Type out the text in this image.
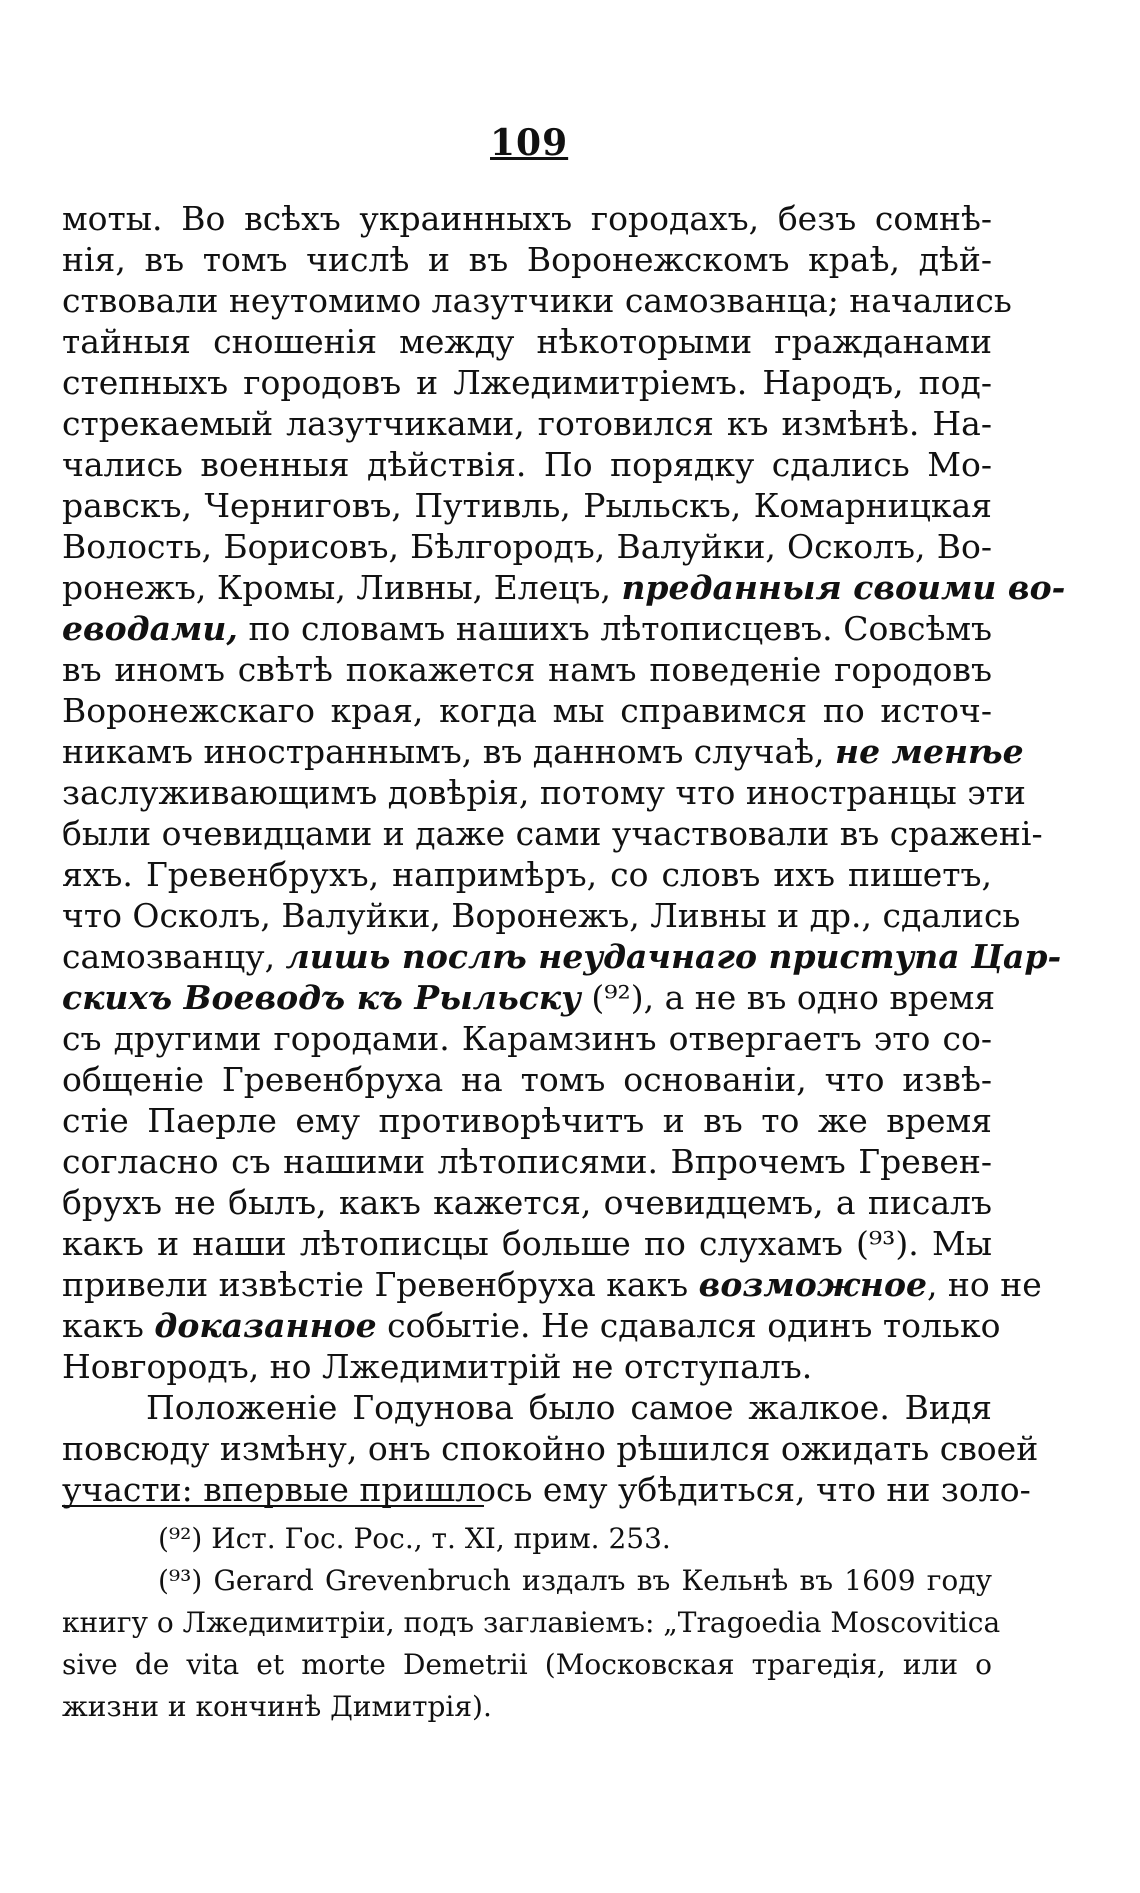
109
моты. Во всѣхъ украинныхъ городахъ, безъ сомнѣ-
нія, въ томъ числѣ и въ Воронежскомъ краѣ, дѣй-
ствовали неутомимо лазутчики самозванца; начались
тайныя сношенія между нѣкоторыми гражданами
степныхъ городовъ и Лжедимитріемъ. Народъ, под-
стрекаемый лазутчиками, готовился къ измѣнѣ. На-
чались военныя дѣйствія. По порядку сдались Мо-
равскъ, Черниговъ, Путивль, Рыльскъ, Комарницкая
Волость, Борисовъ, Бѣлгородъ, Валуйки, Осколъ, Во-
ронежъ, Кромы, Ливны, Елецъ, преданныя своими во-
еводами, по словамъ нашихъ лѣтописцевъ. Совсѣмъ
въ иномъ свѣтѣ покажется намъ поведеніе городовъ
Воронежскаго края, когда мы справимся по источ-
никамъ иностраннымъ, въ данномъ случаѣ, не менѣе
заслуживающимъ довѣрія, потому что иностранцы эти
были очевидцами и даже сами участвовали въ сраженi-
яхъ. Гревенбрухъ, напримѣръ, со словъ ихъ пишетъ,
что Осколъ, Валуйки, Воронежъ, Ливны и др., сдались
самозванцу, лишь послѣ неудачнаго приступа Цар-
скихъ Воеводъ къ Рыльску (⁹²), а не въ одно время
съ другими городами. Карамзинъ отвергаетъ это со-
общеніе Гревенбруха на томъ основаніи, что извѣ-
стіе Паерле ему противорѣчитъ и въ то же время
согласно съ нашими лѣтописями. Впрочемъ Гревен-
брухъ не былъ, какъ кажется, очевидцемъ, а писалъ
какъ и наши лѣтописцы больше по слухамъ (⁹³). Мы
привели извѣстіе Гревенбруха какъ возможное, но не
какъ доказанное событіе. Не сдавался одинъ только
Новгородъ, но Лжедимитрій не отступалъ.
Положеніе Годунова было самое жалкое. Видя
повсюду измѣну, онъ спокойно рѣшился ожидать своей
участи: впервые пришлось ему убѣдиться, что ни золо-
(⁹²) Ист. Гос. Рос., т. XI, прим. 253.
(⁹³) Gerard Grevenbruch издалъ въ Кельнѣ въ 1609 году
книгу о Лжедимитріи, подъ заглавіемъ: „Tragoedia Moscovitica
sive de vita et morte Demetrii (Московская трагедія, или о
жизни и кончинѣ Димитрія).
